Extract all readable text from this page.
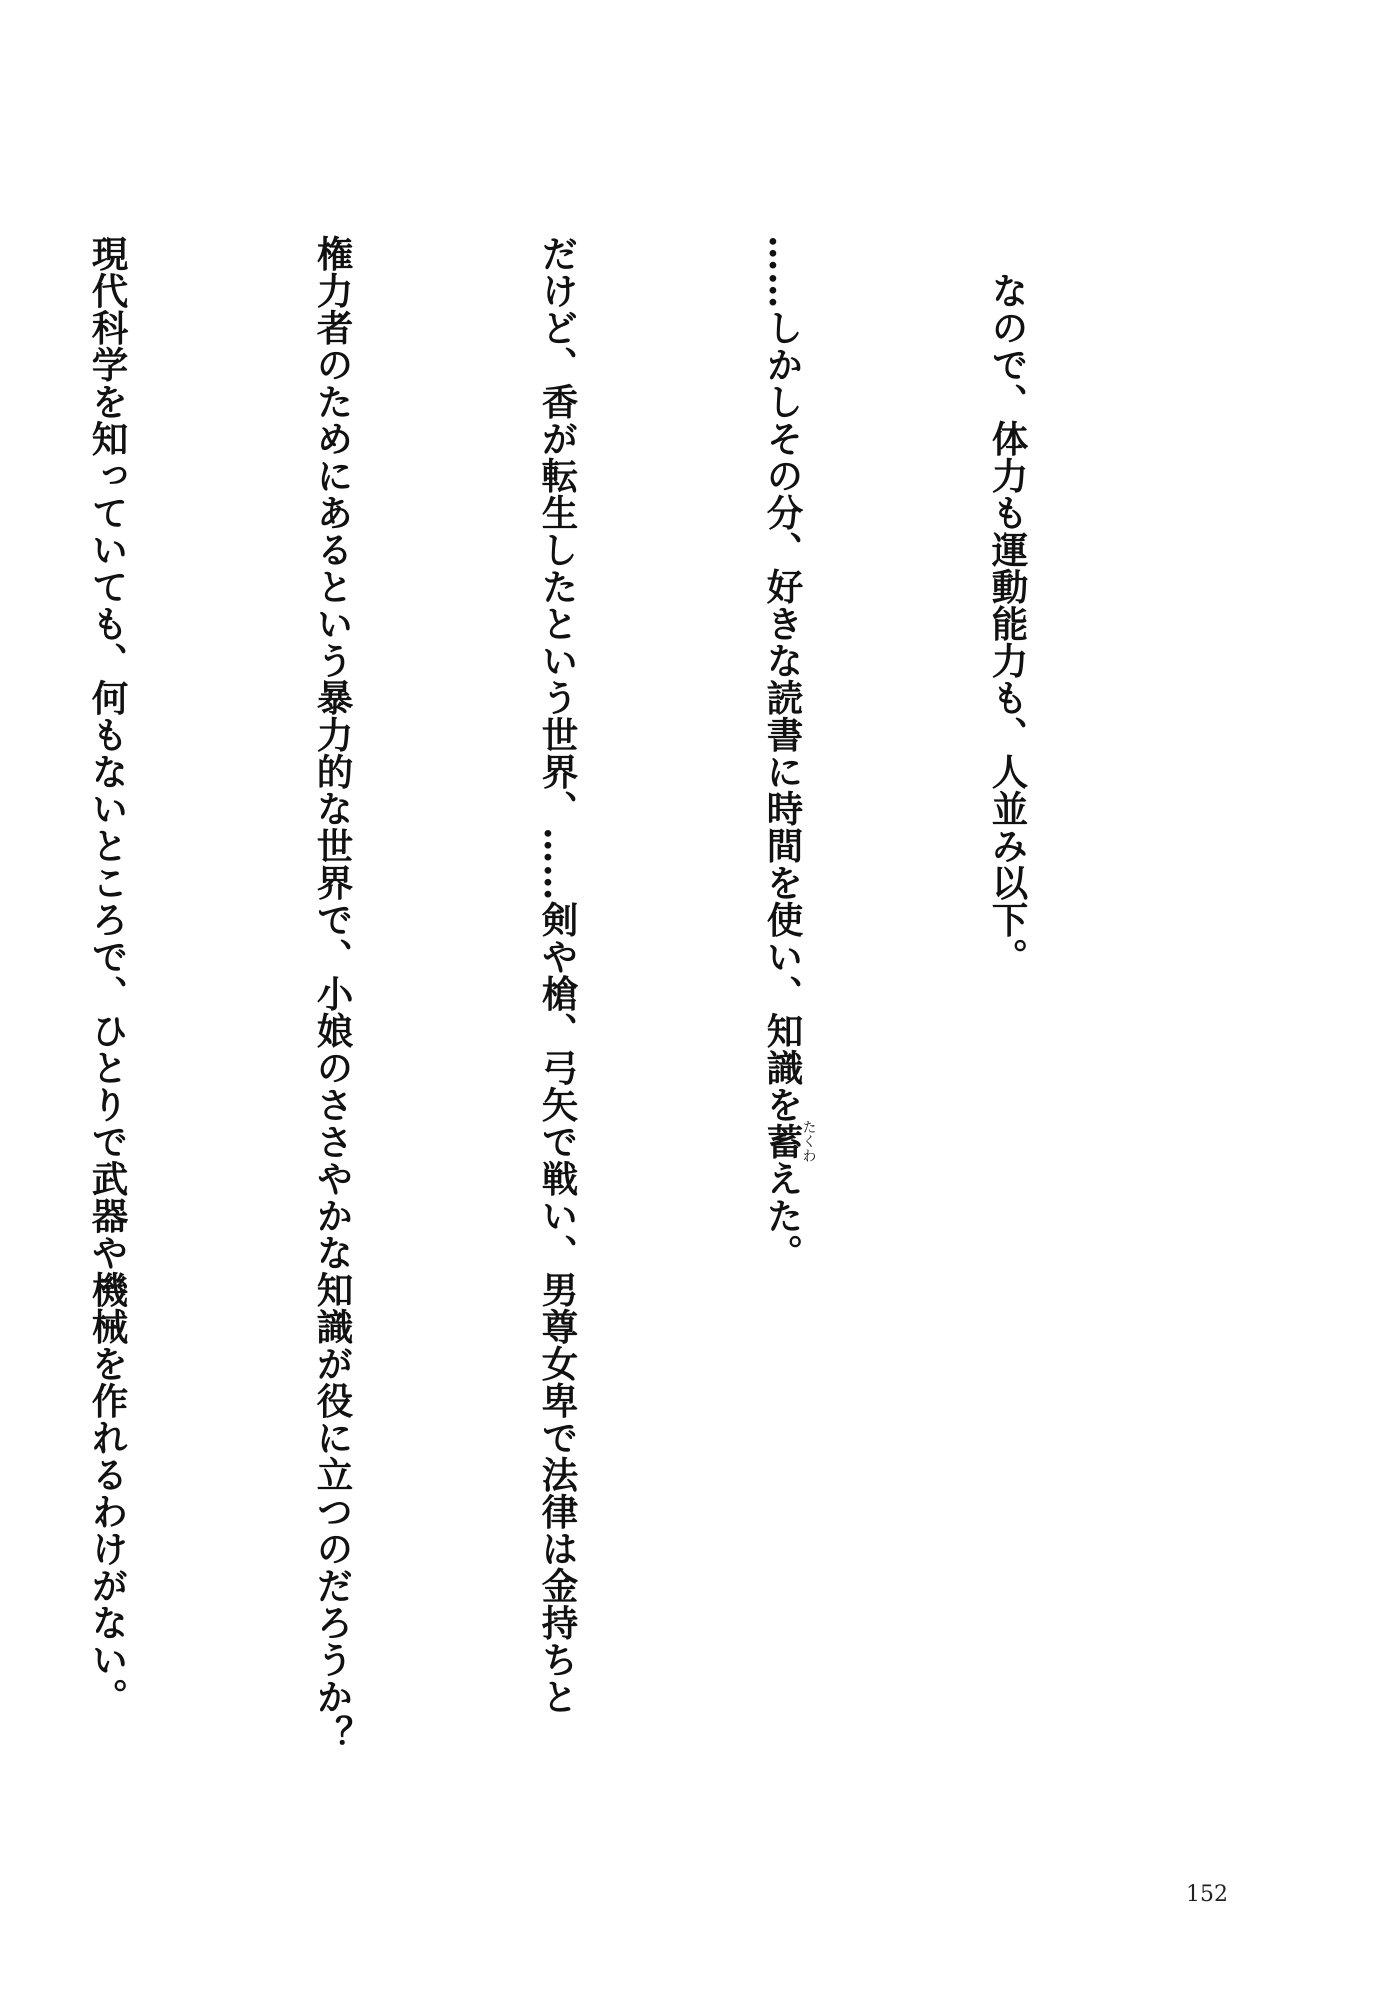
なので、体力も運動能力も、人並み以下。

……しかしその分、好きな読書に時間を使い、知識を蓄たくわえた。

だけど、香が転生したという世界、……剣や槍、弓矢で戦い、男尊女卑で法律は金持ちと

権力者のためにあるという暴力的な世界で、小娘のささやかな知識が役に立つのだろうか？

現代科学を知っていても、何もないところで、ひとりで武器や機械を作れるわけがない。

152
